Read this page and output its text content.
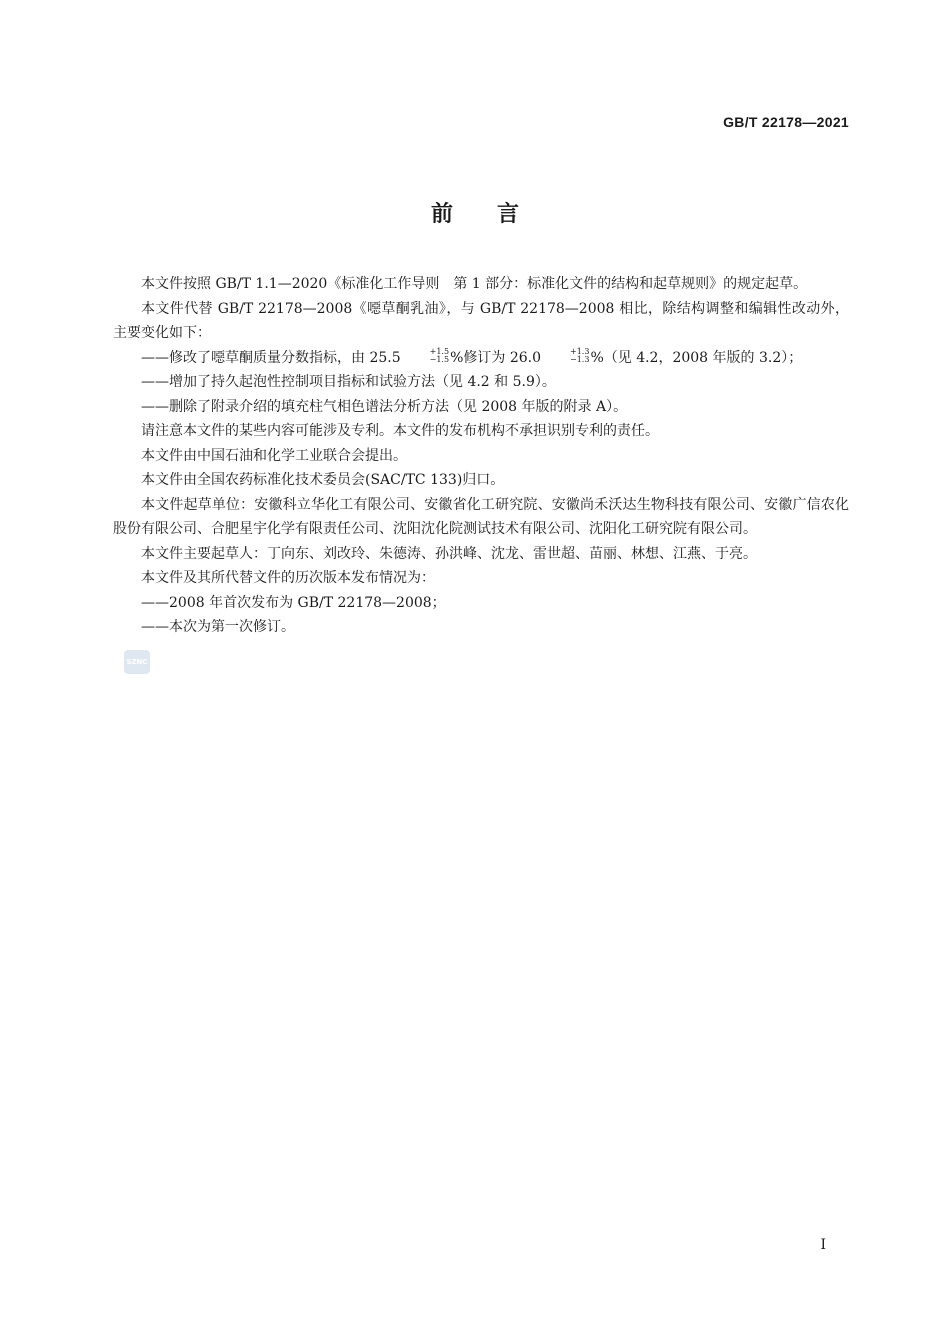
GB/T 22178—2021
前 言

本文件按照 GB/T 1.1—2020《标准化工作导则　第 1 部分：标准化文件的结构和起草规则》的规定起草。

本文件代替 GB/T 22178—2008《噁草酮乳油》，与 GB/T 22178—2008 相比，除结构调整和编辑性改动外，主要变化如下：

——修改了噁草酮质量分数指标，由 25.5	+1.5
−1.5 %修订为 26.0	+1.3
−1.3 %（见 4.2，2008 年版的 3.2）；

——增加了持久起泡性控制项目指标和试验方法（见 4.2 和 5.9）。

——删除了附录介绍的填充柱气相色谱法分析方法（见 2008 年版的附录 A）。

请注意本文件的某些内容可能涉及专利。本文件的发布机构不承担识别专利的责任。

本文件由中国石油和化学工业联合会提出。

本文件由全国农药标准化技术委员会(SAC/TC 133)归口。

本文件起草单位：安徽科立华化工有限公司、安徽省化工研究院、安徽尚禾沃达生物科技有限公司、安徽广信农化股份有限公司、合肥星宇化学有限责任公司、沈阳沈化院测试技术有限公司、沈阳化工研究院有限公司。

本文件主要起草人：丁向东、刘改玲、朱德涛、孙洪峰、沈龙、雷世超、苗丽、林想、江燕、于亮。

本文件及其所代替文件的历次版本发布情况为：

——2008 年首次发布为 GB/T 22178—2008；

——本次为第一次修订。

SZNC
I
